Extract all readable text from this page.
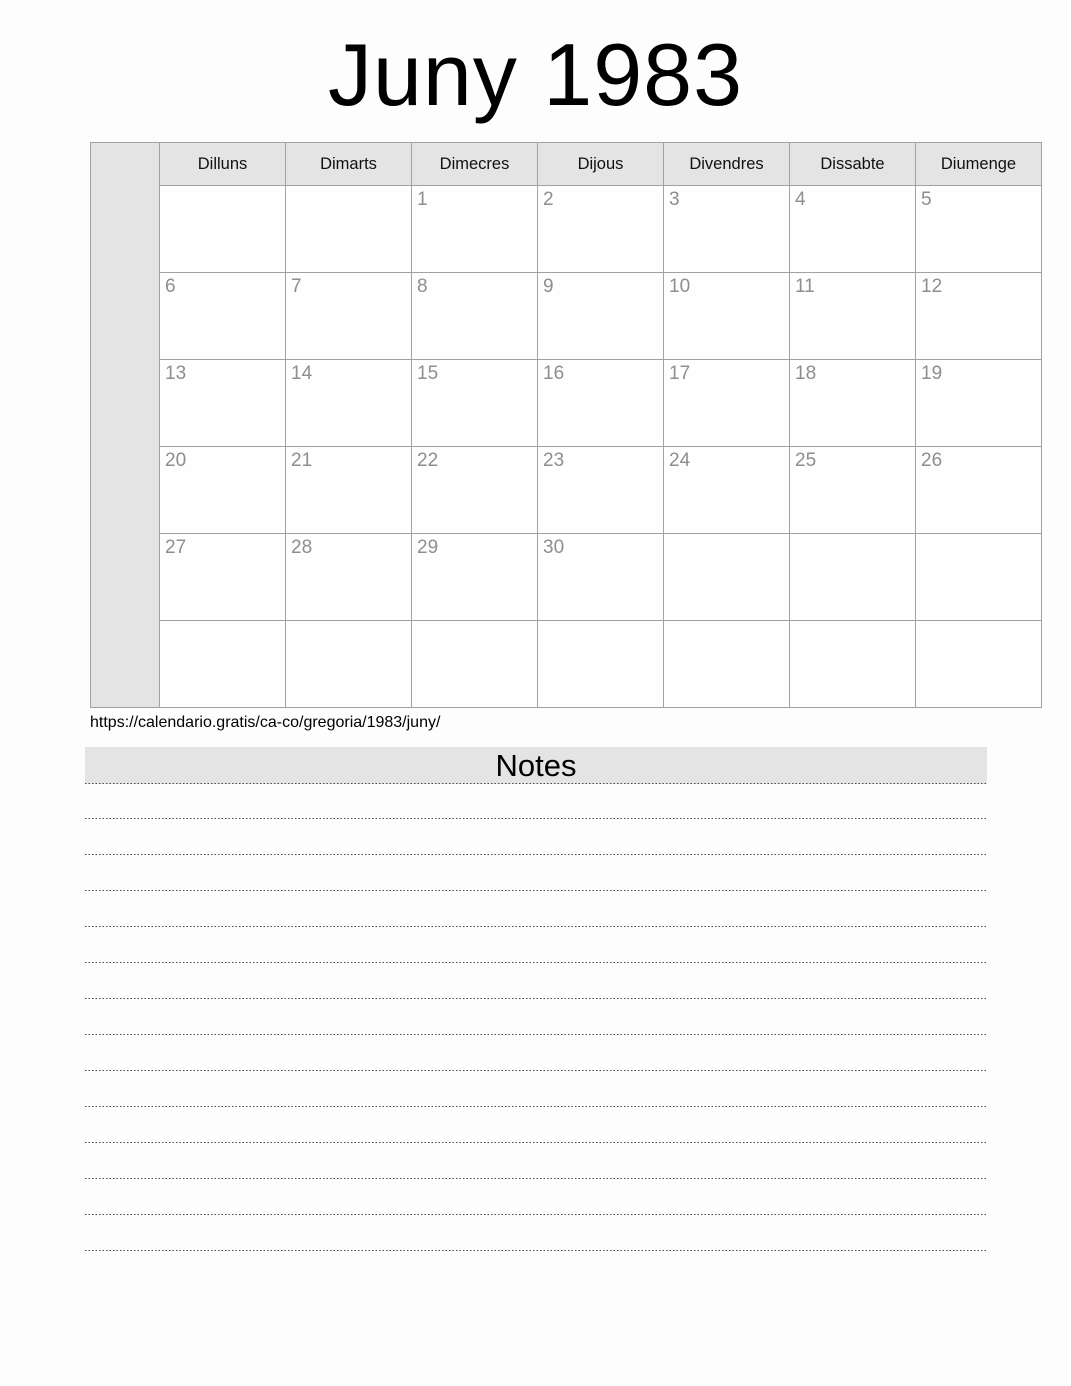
Juny 1983
	Dilluns	Dimarts	Dimecres	Dijous	Divendres	Dissabte	Diumenge
			1	2	3	4	5
	6	7	8	9	10	11	12
	13	14	15	16	17	18	19
	20	21	22	23	24	25	26
	27	28	29	30			

https://calendario.gratis/ca-co/gregoria/1983/juny/
Notes
